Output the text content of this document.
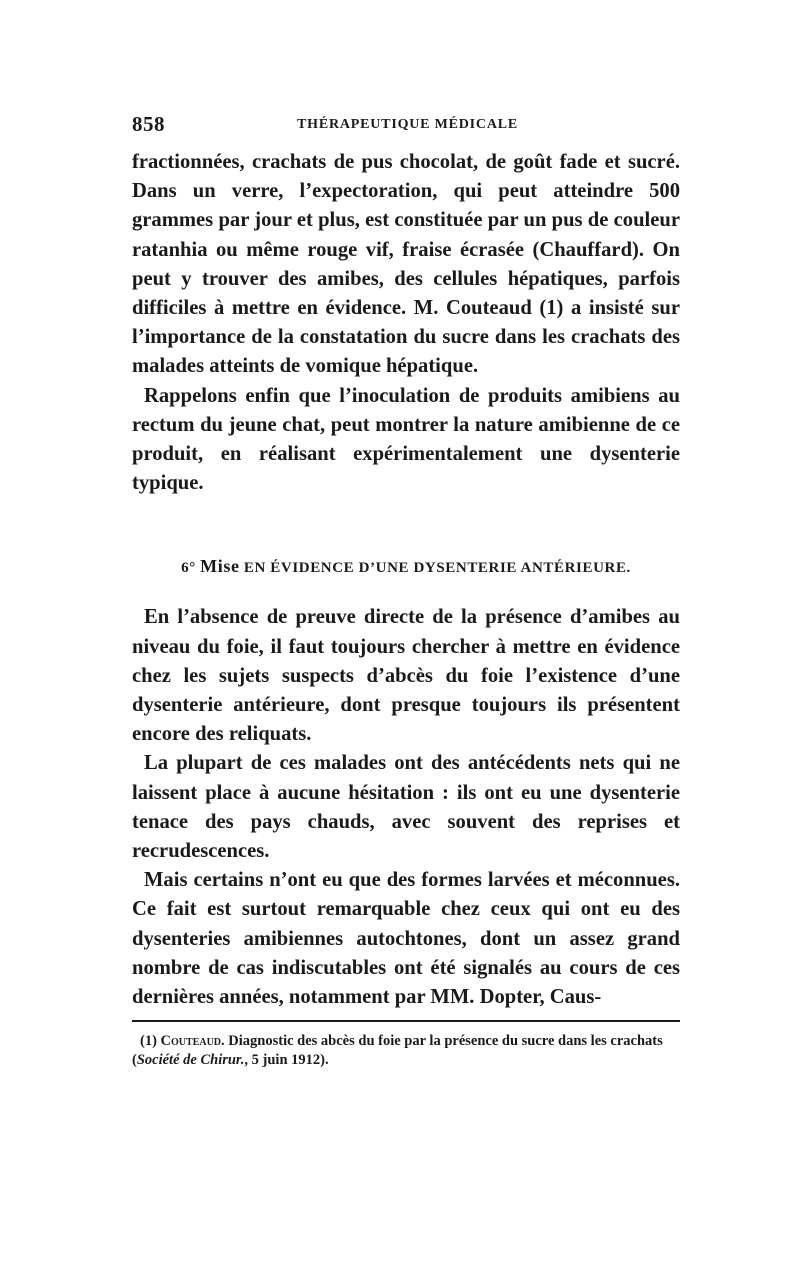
858	THÉRAPEUTIQUE MÉDICALE

fractionnées, crachats de pus chocolat, de goût fade et sucré. Dans un verre, l’expectoration, qui peut atteindre 500 grammes par jour et plus, est constituée par un pus de couleur ratanhia ou même rouge vif, fraise écrasée (Chauffard). On peut y trouver des amibes, des cellules hépatiques, parfois difficiles à mettre en évidence. M. Couteaud (1) a insisté sur l’importance de la constatation du sucre dans les crachats des malades atteints de vomique hépatique.

Rappelons enfin que l’inoculation de produits amibiens au rectum du jeune chat, peut montrer la nature amibienne de ce produit, en réalisant expérimentalement une dysenterie typique.

6° Mise EN ÉVIDENCE D’UNE DYSENTERIE ANTÉRIEURE.

En l’absence de preuve directe de la présence d’amibes au niveau du foie, il faut toujours chercher à mettre en évidence chez les sujets suspects d’abcès du foie l’existence d’une dysenterie antérieure, dont presque toujours ils présentent encore des reliquats.

La plupart de ces malades ont des antécédents nets qui ne laissent place à aucune hésitation : ils ont eu une dysenterie tenace des pays chauds, avec souvent des reprises et recrudescences.

Mais certains n’ont eu que des formes larvées et méconnues. Ce fait est surtout remarquable chez ceux qui ont eu des dysenteries amibiennes autochtones, dont un assez grand nombre de cas indiscutables ont été signalés au cours de ces dernières années, notamment par MM. Dopter, Caus-

(1) Couteaud. Diagnostic des abcès du foie par la présence du sucre dans les crachats (Société de Chirur., 5 juin 1912).
